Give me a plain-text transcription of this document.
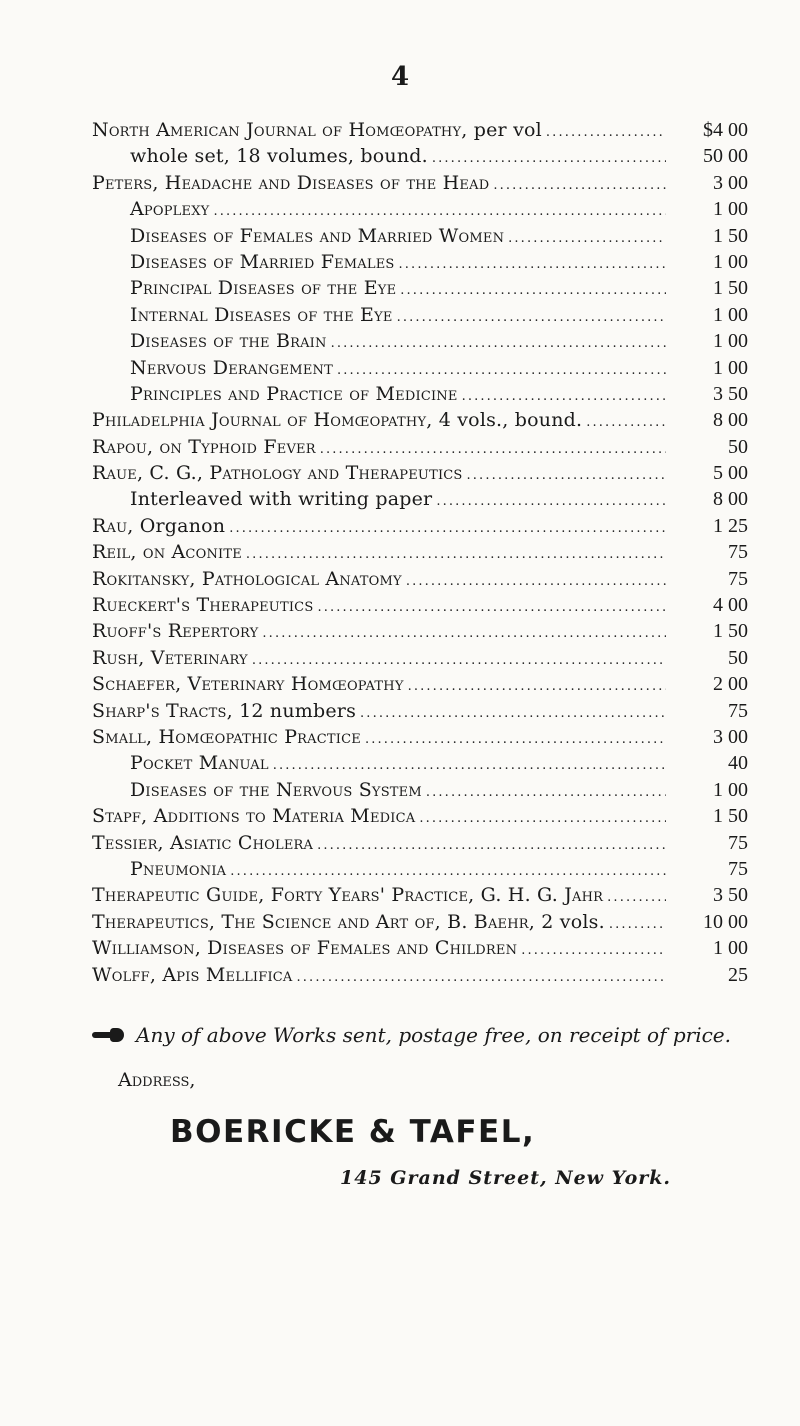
4
North American Journal of Homœopathy, per vol . . .	$4 00
whole set, 18 volumes, bound. . . .	50 00
Peters, Headache and Diseases of the Head . . .	3 00
Apoplexy . . .	1 00
Diseases of Females and Married Women . . .	1 50
Diseases of Married Females . . .	1 00
Principal Diseases of the Eye . . .	1 50
Internal Diseases of the Eye . . .	1 00
Diseases of the Brain . . .	1 00
Nervous Derangement . . .	1 00
Principles and Practice of Medicine . . .	3 50
Philadelphia Journal of Homœopathy, 4 vols., bound. . . .	8 00
Rapou, on Typhoid Fever . . .	50
Raue, C. G., Pathology and Therapeutics . . .	5 00
Interleaved with writing paper . . .	8 00
Rau, Organon . . .	1 25
Reil, on Aconite . . .	75
Rokitansky, Pathological Anatomy . . .	75
Rueckert's Therapeutics . . .	4 00
Ruoff's Repertory . . .	1 50
Rush, Veterinary . . .	50
Schaefer, Veterinary Homœopathy . . .	2 00
Sharp's Tracts, 12 numbers . . .	75
Small, Homœopathic Practice . . .	3 00
Pocket Manual . . .	40
Diseases of the Nervous System . . .	1 00
Stapf, Additions to Materia Medica . . .	1 50
Tessier, Asiatic Cholera . . .	75
Pneumonia . . .	75
Therapeutic Guide, Forty Years' Practice, G. H. G. Jahr . . .	3 50
Therapeutics, The Science and Art of, B. Baehr, 2 vols. . . .	10 00
Williamson, Diseases of Females and Children . . .	1 00
Wolff, Apis Mellifica . . .	25
Any of above Works sent, postage free, on receipt of price.
Address,
BOERICKE & TAFEL,
145 Grand Street, New York.
